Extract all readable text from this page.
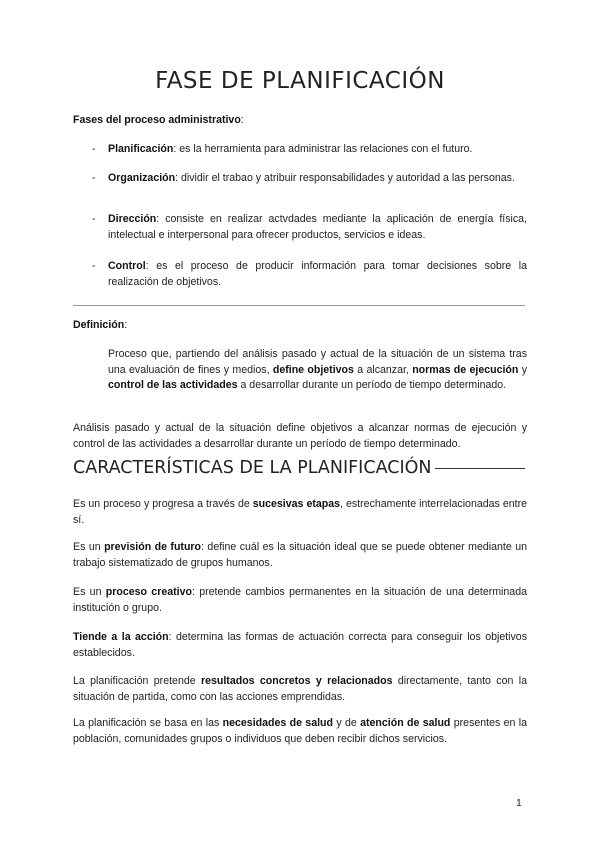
FASE DE PLANIFICACIÓN
Fases del proceso administrativo:
- Planificación: es la herramienta para administrar las relaciones con el futuro.
- Organización: dividir el trabao y atribuir responsabilidades y autoridad a las personas.
- Dirección: consiste en realizar actvdades mediante la aplicación de energía física, intelectual e interpersonal para ofrecer productos, servicios e ideas.
- Control: es el proceso de producir información para tomar decisiones sobre la realización de objetivos.
Definición:
Proceso que, partiendo del análisis pasado y actual de la situación de un sistema tras una evaluación de fines y medios, define objetivos a alcanzar, normas de ejecución y control de las actividades a desarrollar durante un período de tiempo determinado.
Análisis pasado y actual de la situación define objetivos a alcanzar normas de ejecución y control de las actividades a desarrollar durante un período de tiempo determinado.
CARACTERÍSTICAS DE LA PLANIFICACIÓN
Es un proceso y progresa a través de sucesivas etapas, estrechamente interrelacionadas entre sí.
Es un previsión de futuro: define cuál es la situación ideal que se puede obtener mediante un trabajo sistematizado de grupos humanos.
Es un proceso creativo: pretende cambios permanentes en la situación de una determinada institución o grupo.
Tiende a la acción: determina las formas de actuación correcta para conseguir los objetivos establecidos.
La planificación pretende resultados concretos y relacionados directamente, tanto con la situación de partida, como con las acciones emprendidas.
La planificación se basa en las necesidades de salud y de atención de salud presentes en la población, comunidades grupos o individuos que deben recibir dichos servicios.
1
